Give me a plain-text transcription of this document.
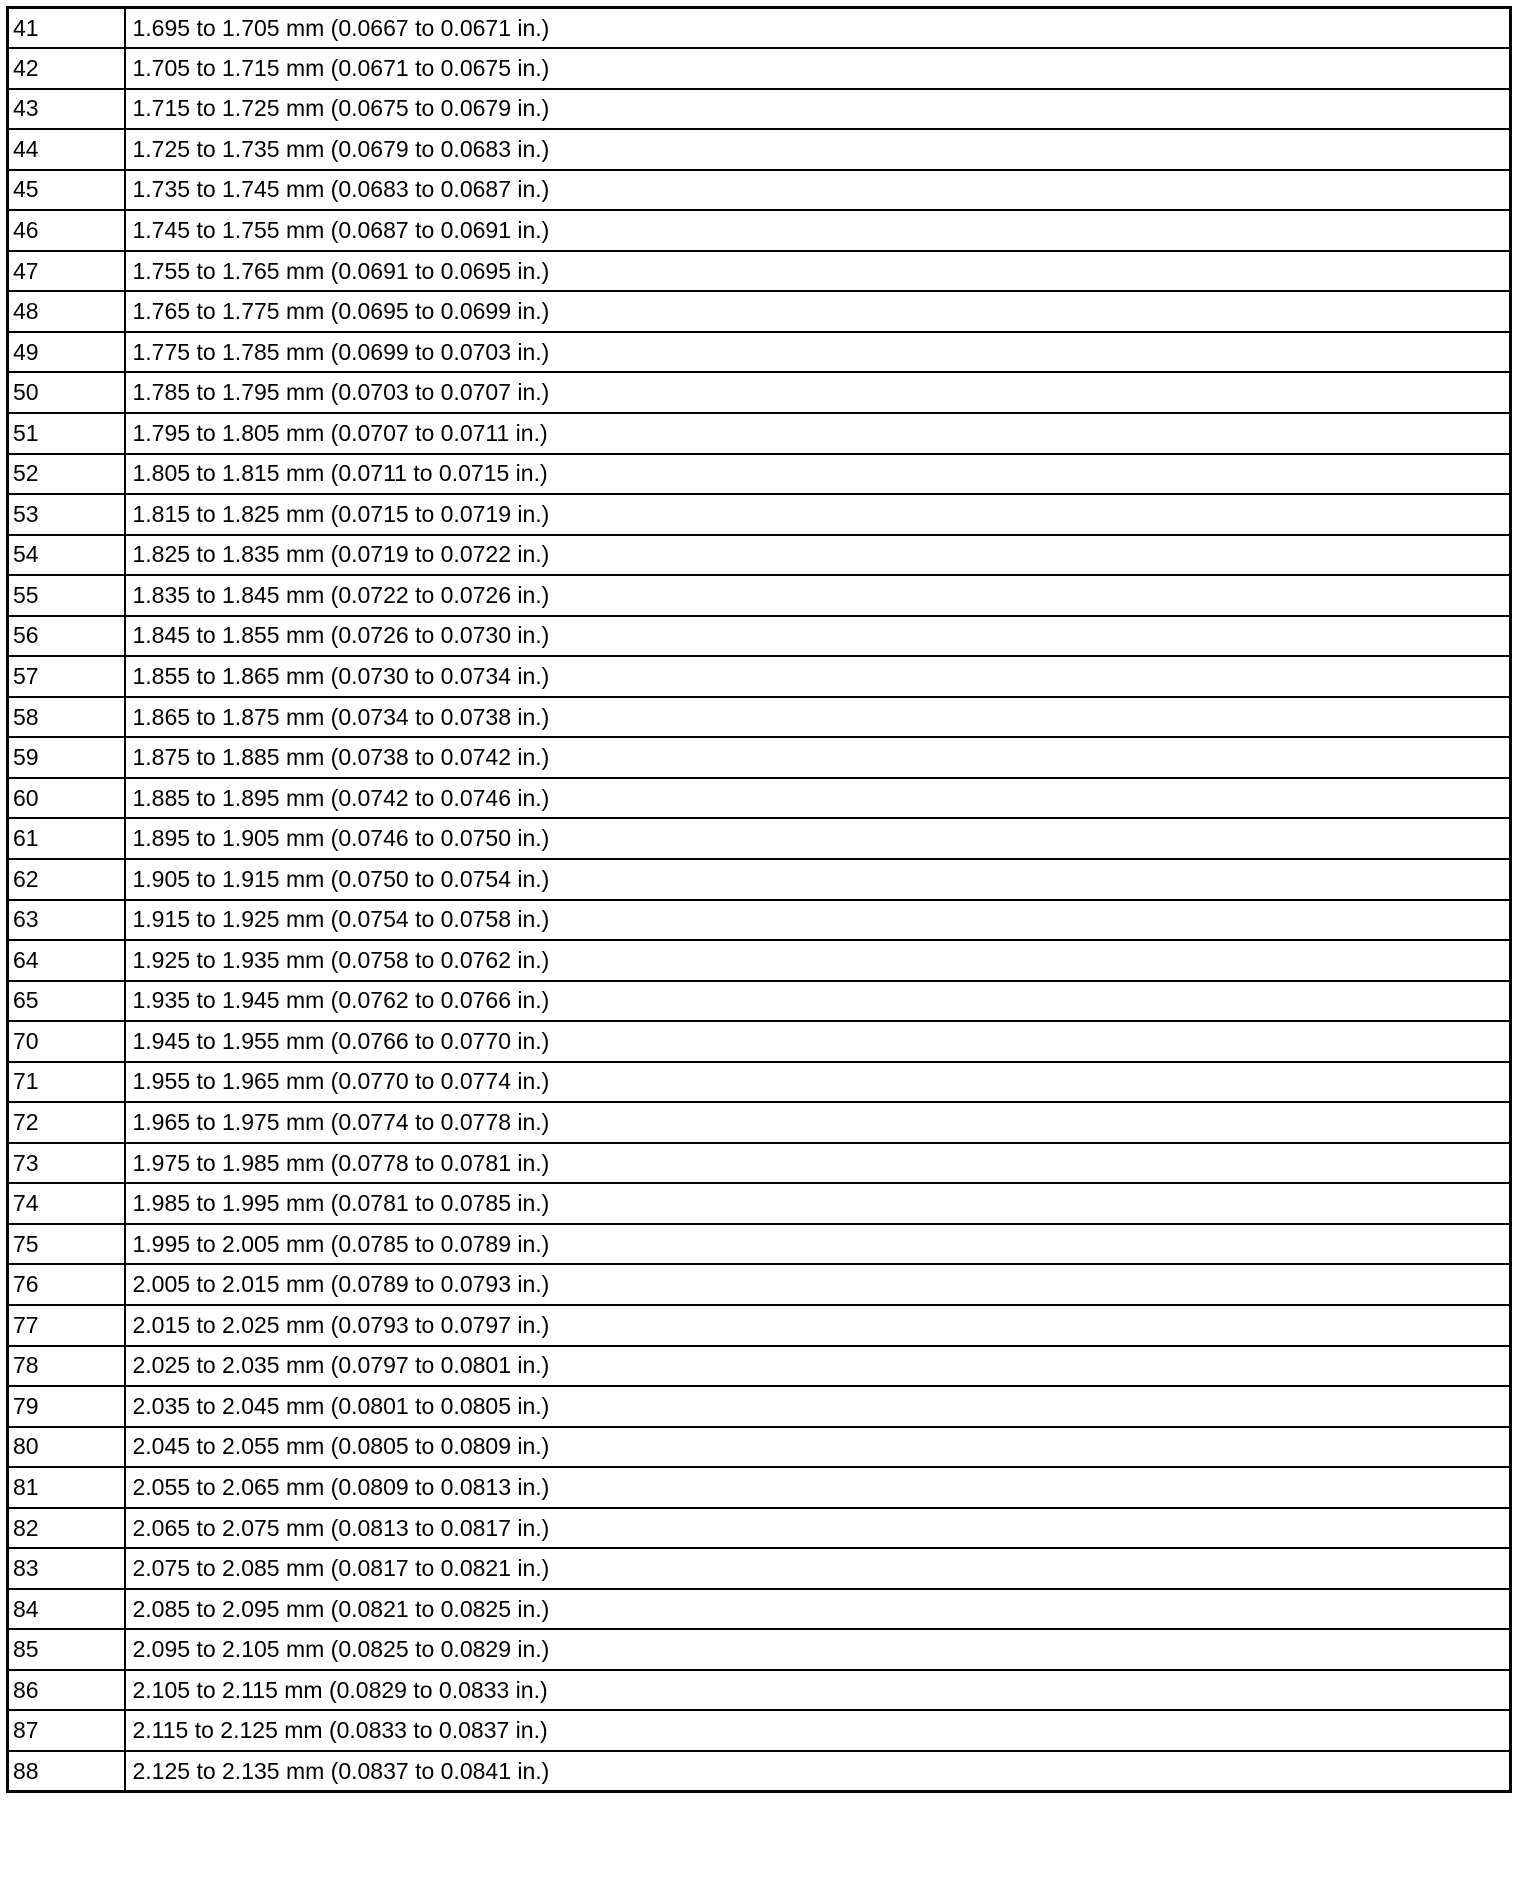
41	1.695 to 1.705 mm (0.0667 to 0.0671 in.)
42	1.705 to 1.715 mm (0.0671 to 0.0675 in.)
43	1.715 to 1.725 mm (0.0675 to 0.0679 in.)
44	1.725 to 1.735 mm (0.0679 to 0.0683 in.)
45	1.735 to 1.745 mm (0.0683 to 0.0687 in.)
46	1.745 to 1.755 mm (0.0687 to 0.0691 in.)
47	1.755 to 1.765 mm (0.0691 to 0.0695 in.)
48	1.765 to 1.775 mm (0.0695 to 0.0699 in.)
49	1.775 to 1.785 mm (0.0699 to 0.0703 in.)
50	1.785 to 1.795 mm (0.0703 to 0.0707 in.)
51	1.795 to 1.805 mm (0.0707 to 0.0711 in.)
52	1.805 to 1.815 mm (0.0711 to 0.0715 in.)
53	1.815 to 1.825 mm (0.0715 to 0.0719 in.)
54	1.825 to 1.835 mm (0.0719 to 0.0722 in.)
55	1.835 to 1.845 mm (0.0722 to 0.0726 in.)
56	1.845 to 1.855 mm (0.0726 to 0.0730 in.)
57	1.855 to 1.865 mm (0.0730 to 0.0734 in.)
58	1.865 to 1.875 mm (0.0734 to 0.0738 in.)
59	1.875 to 1.885 mm (0.0738 to 0.0742 in.)
60	1.885 to 1.895 mm (0.0742 to 0.0746 in.)
61	1.895 to 1.905 mm (0.0746 to 0.0750 in.)
62	1.905 to 1.915 mm (0.0750 to 0.0754 in.)
63	1.915 to 1.925 mm (0.0754 to 0.0758 in.)
64	1.925 to 1.935 mm (0.0758 to 0.0762 in.)
65	1.935 to 1.945 mm (0.0762 to 0.0766 in.)
70	1.945 to 1.955 mm (0.0766 to 0.0770 in.)
71	1.955 to 1.965 mm (0.0770 to 0.0774 in.)
72	1.965 to 1.975 mm (0.0774 to 0.0778 in.)
73	1.975 to 1.985 mm (0.0778 to 0.0781 in.)
74	1.985 to 1.995 mm (0.0781 to 0.0785 in.)
75	1.995 to 2.005 mm (0.0785 to 0.0789 in.)
76	2.005 to 2.015 mm (0.0789 to 0.0793 in.)
77	2.015 to 2.025 mm (0.0793 to 0.0797 in.)
78	2.025 to 2.035 mm (0.0797 to 0.0801 in.)
79	2.035 to 2.045 mm (0.0801 to 0.0805 in.)
80	2.045 to 2.055 mm (0.0805 to 0.0809 in.)
81	2.055 to 2.065 mm (0.0809 to 0.0813 in.)
82	2.065 to 2.075 mm (0.0813 to 0.0817 in.)
83	2.075 to 2.085 mm (0.0817 to 0.0821 in.)
84	2.085 to 2.095 mm (0.0821 to 0.0825 in.)
85	2.095 to 2.105 mm (0.0825 to 0.0829 in.)
86	2.105 to 2.115 mm (0.0829 to 0.0833 in.)
87	2.115 to 2.125 mm (0.0833 to 0.0837 in.)
88	2.125 to 2.135 mm (0.0837 to 0.0841 in.)
